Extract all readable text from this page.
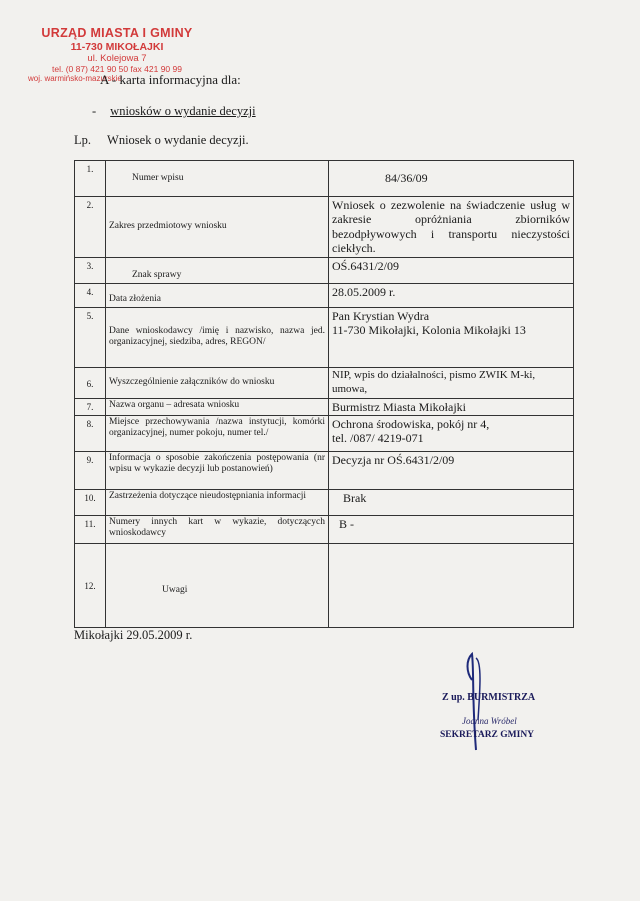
URZĄD MIASTA I GMINY
11-730 MIKOŁAJKI
ul. Kolejowa 7
tel. (0 87) 421 90 50 fax 421 90 99
woj. warmińsko-mazurskie
A - karta informacyjna dla:
- wniosków o wydanie decyzji
Lp. Wniosek o wydanie decyzji.
1.	Numer wpisu	84/36/09
2.	Zakres przedmiotowy wniosku	Wniosek o zezwolenie na świadczenie usług w zakresie opróżniania zbiorników bezodpływowych i transportu nieczystości ciekłych.
3.	Znak sprawy	OŚ.6431/2/09
4.	Data złożenia	28.05.2009 r.
5.	Dane wnioskodawcy /imię i nazwisko, nazwa jed. organizacyjnej, siedziba, adres, REGON/	Pan Krystian Wydra
11-730 Mikołajki, Kolonia Mikołajki 13

6.	Wyszczególnienie załączników do wniosku	NIP, wpis do działalności, pismo ZWIK M-ki, umowa,
7.	Nazwa organu – adresata wniosku	Burmistrz Miasta Mikołajki
8.	Miejsce przechowywania /nazwa instytucji, komórki organizacyjnej, numer pokoju, numer tel./	Ochrona środowiska, pokój nr 4,
tel. /087/ 4219-071

9.	Informacja o sposobie zakończenia postępowania (nr wpisu w wykazie decyzji lub postanowień)	Decyzja nr OŚ.6431/2/09
10.	Zastrzeżenia dotyczące nieudostępniania informacji	Brak
11.	Numery innych kart w wykazie, dotyczących wnioskodawcy	B -
12.	Uwagi	
Mikołajki 29.05.2009 r.
Z up. BURMISTRZA
Joanna Wróbel
SEKRETARZ GMINY
